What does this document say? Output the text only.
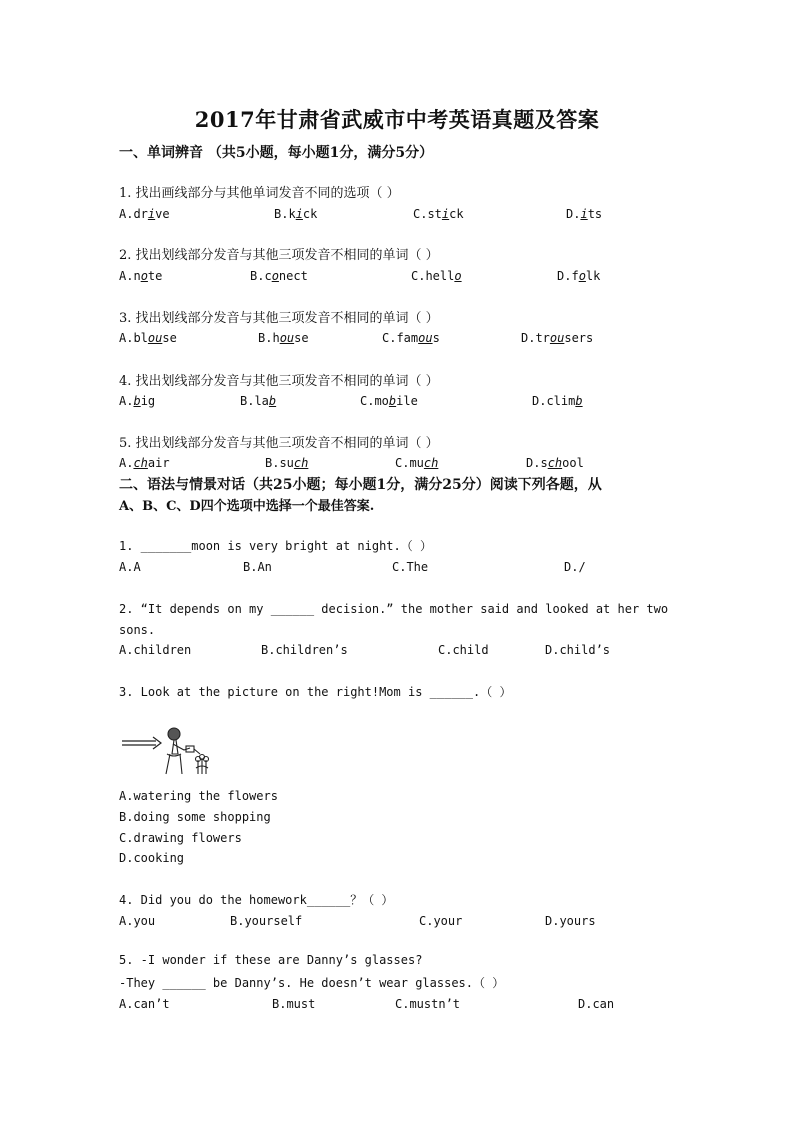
2017年甘肃省武威市中考英语真题及答案
一、单词辨音 （共5小题，每小题1分，满分5分）
1. 找出画线部分与其他单词发音不同的选项（ ）
A.drive	B.kick	C.stick	D.its
2. 找出划线部分发音与其他三项发音不相同的单词（ ）
A.note	B.conect	C.hello	D.folk
3. 找出划线部分发音与其他三项发音不相同的单词（ ）
A.blouse	B.house	C.famous	D.trousers
4. 找出划线部分发音与其他三项发音不相同的单词（ ）
A.big	B.lab	C.mobile	D.climb
5. 找出划线部分发音与其他三项发音不相同的单词（ ）
A.chair	B.such	C.much	D.school
二、语法与情景对话（共25小题；每小题1分，满分25分）阅读下列各题，从
A、B、C、D四个选项中选择一个最佳答案.
1. _______moon is very bright at night.（ ）
A.A	B.An	C.The	D./
2. “It depends on my ______ decision.” the mother said and looked at her two
sons.
A.children	B.children’s	C.child	D.child’s
3. Look at the picture on the right!Mom is ______.（ ）
A.watering the flowers
B.doing some shopping
C.drawing flowers
D.cooking
4. Did you do the homework______？（ ）
A.you	B.yourself	C.your	D.yours
5. -I wonder if these are Danny’s glasses?
-They ______ be Danny’s. He doesn’t wear glasses.（ ）
A.can’t	B.must	C.mustn’t	D.can
